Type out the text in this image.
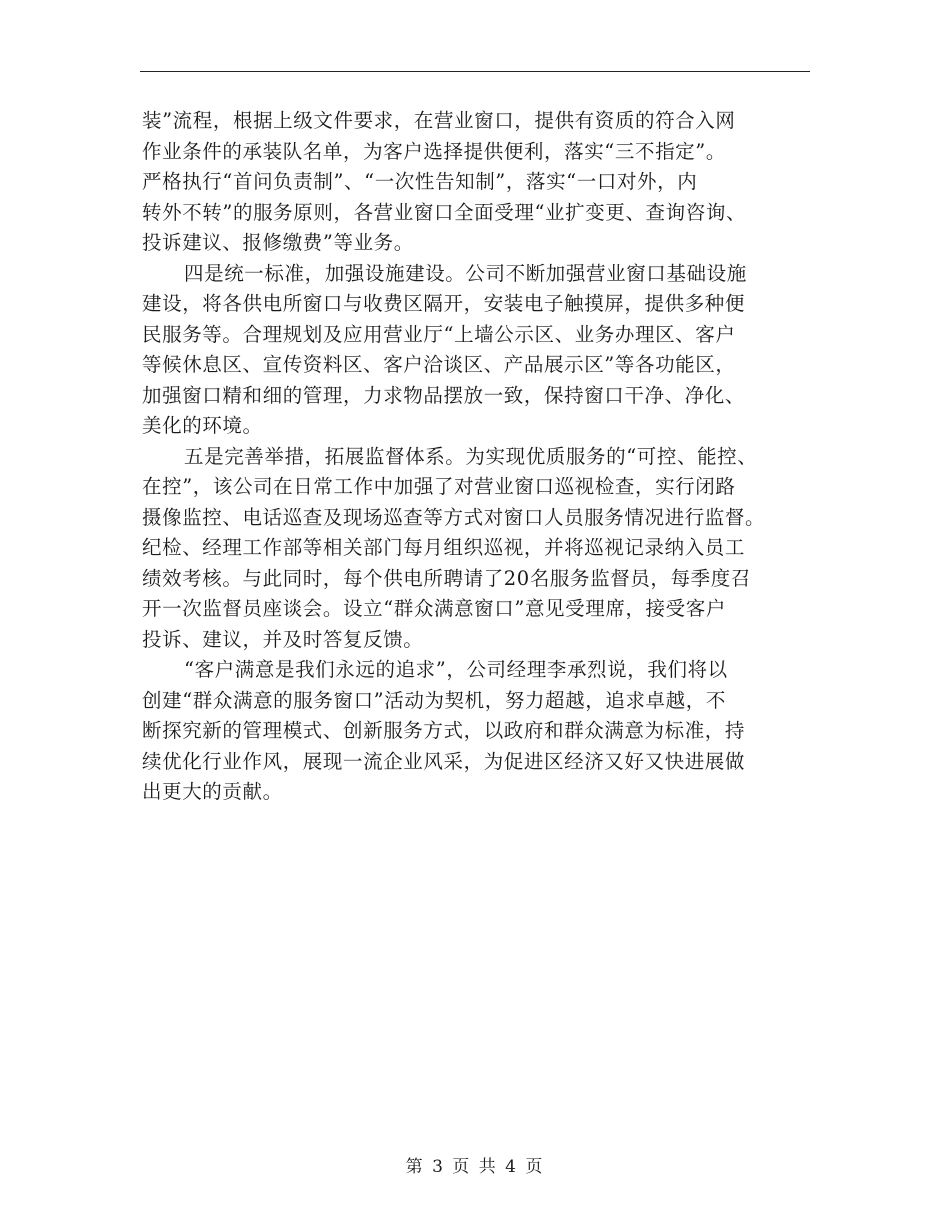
装”流程，根据上级文件要求，在营业窗口，提供有资质的符合入网
作业条件的承装队名单，为客户选择提供便利，落实“三不指定”。
严格执行“首问负责制”、“一次性告知制”，落实“一口对外，内
转外不转”的服务原则，各营业窗口全面受理“业扩变更、查询咨询、
投诉建议、报修缴费”等业务。
四是统一标准，加强设施建设。公司不断加强营业窗口基础设施
建设，将各供电所窗口与收费区隔开，安装电子触摸屏，提供多种便
民服务等。合理规划及应用营业厅“上墙公示区、业务办理区、客户
等候休息区、宣传资料区、客户洽谈区、产品展示区”等各功能区，
加强窗口精和细的管理，力求物品摆放一致，保持窗口干净、净化、
美化的环境。
五是完善举措，拓展监督体系。为实现优质服务的“可控、能控、
在控”，该公司在日常工作中加强了对营业窗口巡视检查，实行闭路
摄像监控、电话巡查及现场巡查等方式对窗口人员服务情况进行监督。
纪检、经理工作部等相关部门每月组织巡视，并将巡视记录纳入员工
绩效考核。与此同时，每个供电所聘请了20名服务监督员，每季度召
开一次监督员座谈会。设立“群众满意窗口”意见受理席，接受客户
投诉、建议，并及时答复反馈。
“客户满意是我们永远的追求”，公司经理李承烈说，我们将以
创建“群众满意的服务窗口”活动为契机，努力超越，追求卓越，不
断探究新的管理模式、创新服务方式，以政府和群众满意为标准，持
续优化行业作风，展现一流企业风采，为促进区经济又好又快进展做
出更大的贡献。
第 3 页 共 4 页
